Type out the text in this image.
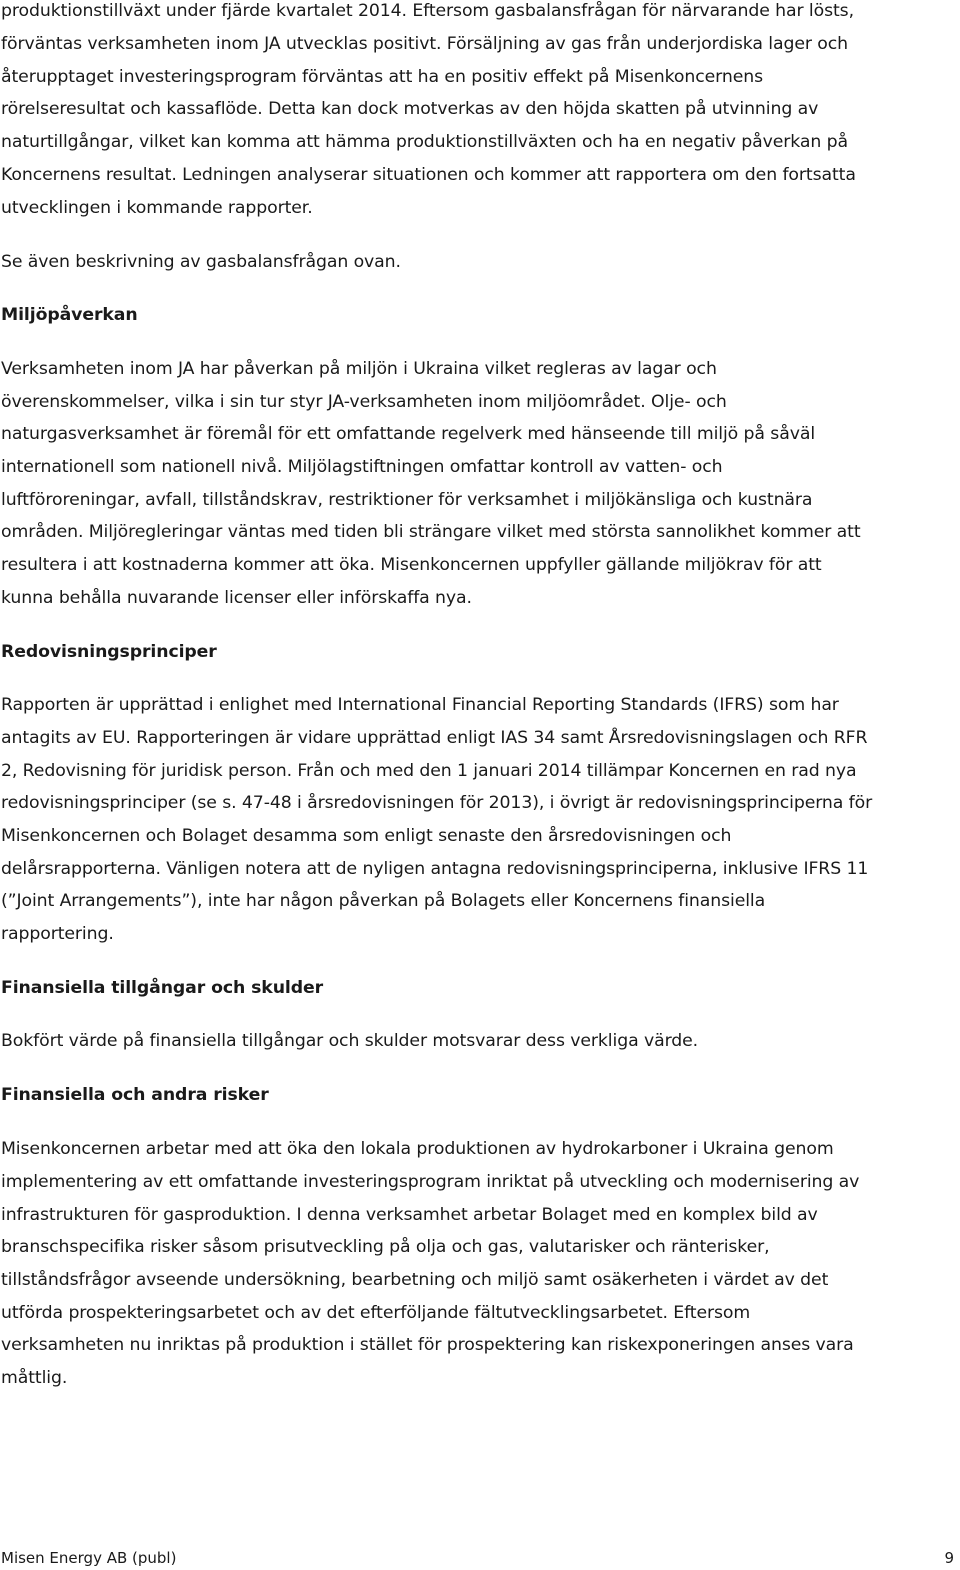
produktionstillväxt under fjärde kvartalet 2014. Eftersom gasbalansfrågan för närvarande har lösts,
förväntas verksamheten inom JA utvecklas positivt. Försäljning av gas från underjordiska lager och
återupptaget investeringsprogram förväntas att ha en positiv effekt på Misenkoncernens
rörelseresultat och kassaflöde. Detta kan dock motverkas av den höjda skatten på utvinning av
naturtillgångar, vilket kan komma att hämma produktionstillväxten och ha en negativ påverkan på
Koncernens resultat. Ledningen analyserar situationen och kommer att rapportera om den fortsatta
utvecklingen i kommande rapporter.
Se även beskrivning av gasbalansfrågan ovan.
Miljöpåverkan
Verksamheten inom JA har påverkan på miljön i Ukraina vilket regleras av lagar och
överenskommelser, vilka i sin tur styr JA-verksamheten inom miljöområdet. Olje- och
naturgasverksamhet är föremål för ett omfattande regelverk med hänseende till miljö på såväl
internationell som nationell nivå. Miljölagstiftningen omfattar kontroll av vatten- och
luftföroreningar, avfall, tillståndskrav, restriktioner för verksamhet i miljökänsliga och kustnära
områden. Miljöregleringar väntas med tiden bli strängare vilket med största sannolikhet kommer att
resultera i att kostnaderna kommer att öka. Misenkoncernen uppfyller gällande miljökrav för att
kunna behålla nuvarande licenser eller införskaffa nya.
Redovisningsprinciper
Rapporten är upprättad i enlighet med International Financial Reporting Standards (IFRS) som har
antagits av EU. Rapporteringen är vidare upprättad enligt IAS 34 samt Årsredovisningslagen och RFR
2, Redovisning för juridisk person. Från och med den 1 januari 2014 tillämpar Koncernen en rad nya
redovisningsprinciper (se s. 47-48 i årsredovisningen för 2013), i övrigt är redovisningsprinciperna för
Misenkoncernen och Bolaget desamma som enligt senaste den årsredovisningen och
delårsrapporterna. Vänligen notera att de nyligen antagna redovisningsprinciperna, inklusive IFRS 11
(”Joint Arrangements”), inte har någon påverkan på Bolagets eller Koncernens finansiella
rapportering.
Finansiella tillgångar och skulder
Bokfört värde på finansiella tillgångar och skulder motsvarar dess verkliga värde.
Finansiella och andra risker
Misenkoncernen arbetar med att öka den lokala produktionen av hydrokarboner i Ukraina genom
implementering av ett omfattande investeringsprogram inriktat på utveckling och modernisering av
infrastrukturen för gasproduktion. I denna verksamhet arbetar Bolaget med en komplex bild av
branschspecifika risker såsom prisutveckling på olja och gas, valutarisker och ränterisker,
tillståndsfrågor avseende undersökning, bearbetning och miljö samt osäkerheten i värdet av det
utförda prospekteringsarbetet och av det efterföljande fältutvecklingsarbetet. Eftersom
verksamheten nu inriktas på produktion i stället för prospektering kan riskexponeringen anses vara
måttlig.
Misen Energy AB (publ)	9
